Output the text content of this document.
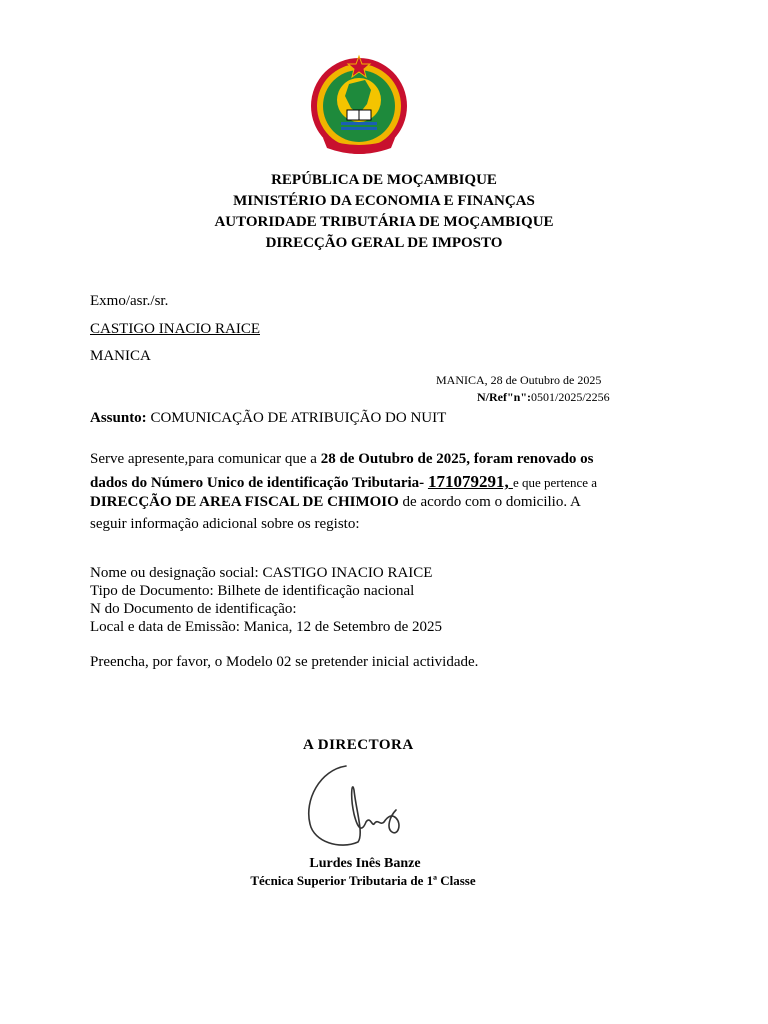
REPÚBLICA DE MOÇAMBIQUE
MINISTÉRIO DA ECONOMIA E FINANÇAS
AUTORIDADE TRIBUTÁRIA DE MOÇAMBIQUE
DIRECÇÃO GERAL DE IMPOSTO
Exmo/asr./sr.
CASTIGO INACIO RAICE
MANICA
MANICA, 28 de Outubro de 2025
N/Ref"n":0501/2025/2256
Assunto: COMUNICAÇÃO DE ATRIBUIÇÃO DO NUIT
Serve apresente,para comunicar que a 28 de Outubro de 2025, foram renovado os
dados do Número Unico de identificação Tributaria- 171079291, e que pertence a
DIRECÇÃO DE AREA FISCAL DE CHIMOIO de acordo com o domicilio. A
seguir informação adicional sobre os registo:
Nome ou designação social: CASTIGO INACIO RAICE
Tipo de Documento: Bilhete de identificação nacional
N do Documento de identificação:
Local e data de Emissão: Manica, 12 de Setembro de 2025
Preencha, por favor, o Modelo 02 se pretender inicial actividade.
A DIRECTORA
Lurdes Inês Banze
Técnica Superior Tributaria de 1ª Classe
